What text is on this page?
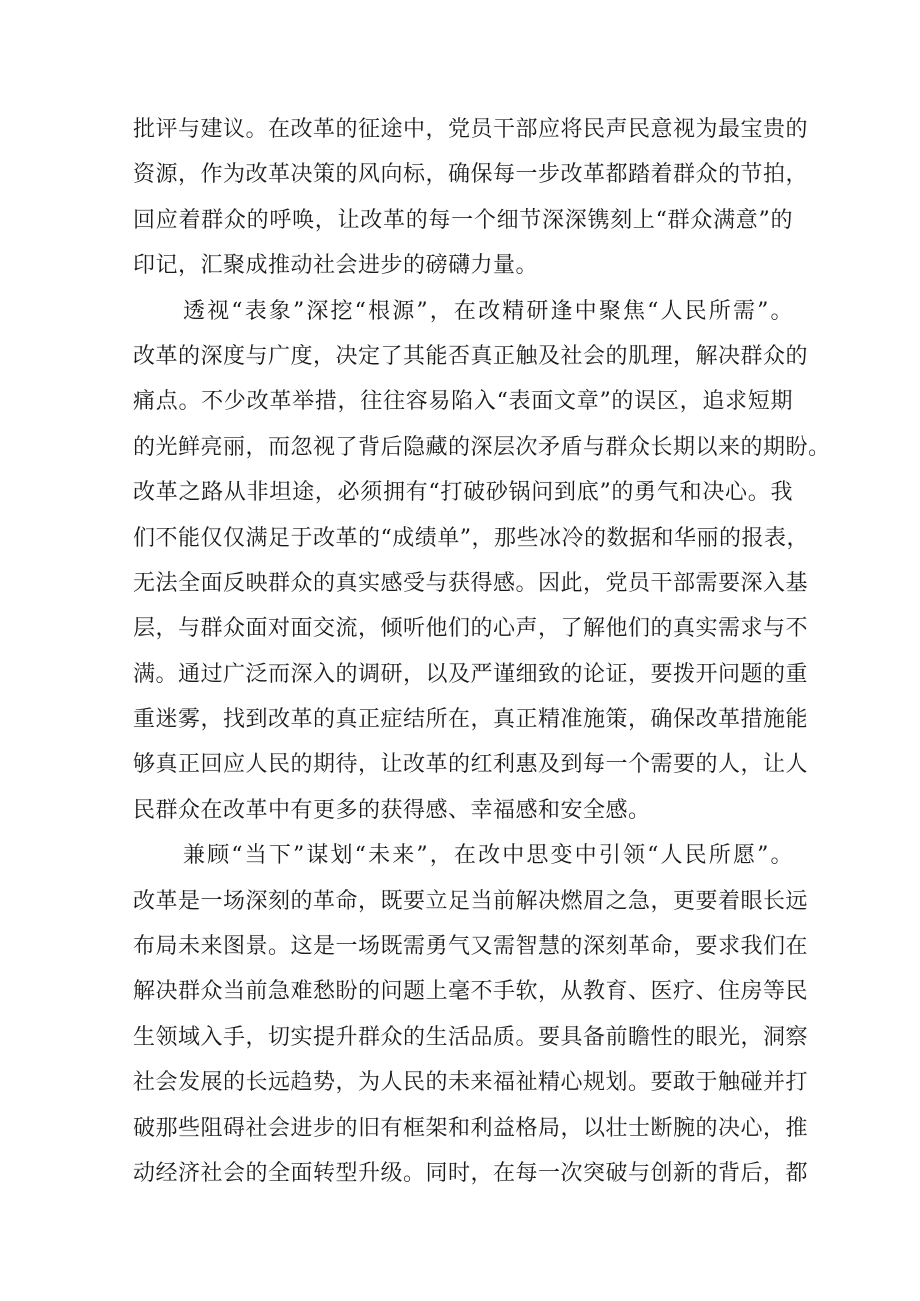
批评与建议。在改革的征途中，党员干部应将民声民意视为最宝贵的
资源，作为改革决策的风向标，确保每一步改革都踏着群众的节拍，
回应着群众的呼唤，让改革的每一个细节深深镌刻上“群众满意”的
印记，汇聚成推动社会进步的磅礴力量。
透视“表象”深挖“根源”，在改精研逢中聚焦“人民所需”。
改革的深度与广度，决定了其能否真正触及社会的肌理，解决群众的
痛点。不少改革举措，往往容易陷入“表面文章”的误区，追求短期
的光鲜亮丽，而忽视了背后隐藏的深层次矛盾与群众长期以来的期盼。
改革之路从非坦途，必须拥有“打破砂锅问到底”的勇气和决心。我
们不能仅仅满足于改革的“成绩单”，那些冰冷的数据和华丽的报表，
无法全面反映群众的真实感受与获得感。因此，党员干部需要深入基
层，与群众面对面交流，倾听他们的心声，了解他们的真实需求与不
满。通过广泛而深入的调研，以及严谨细致的论证，要拨开问题的重
重迷雾，找到改革的真正症结所在，真正精准施策，确保改革措施能
够真正回应人民的期待，让改革的红利惠及到每一个需要的人，让人
民群众在改革中有更多的获得感、幸福感和安全感。
兼顾“当下”谋划“未来”，在改中思变中引领“人民所愿”。
改革是一场深刻的革命，既要立足当前解决燃眉之急，更要着眼长远
布局未来图景。这是一场既需勇气又需智慧的深刻革命，要求我们在
解决群众当前急难愁盼的问题上毫不手软，从教育、医疗、住房等民
生领域入手，切实提升群众的生活品质。要具备前瞻性的眼光，洞察
社会发展的长远趋势，为人民的未来福祉精心规划。要敢于触碰并打
破那些阻碍社会进步的旧有框架和利益格局，以壮士断腕的决心，推
动经济社会的全面转型升级。同时，在每一次突破与创新的背后，都
